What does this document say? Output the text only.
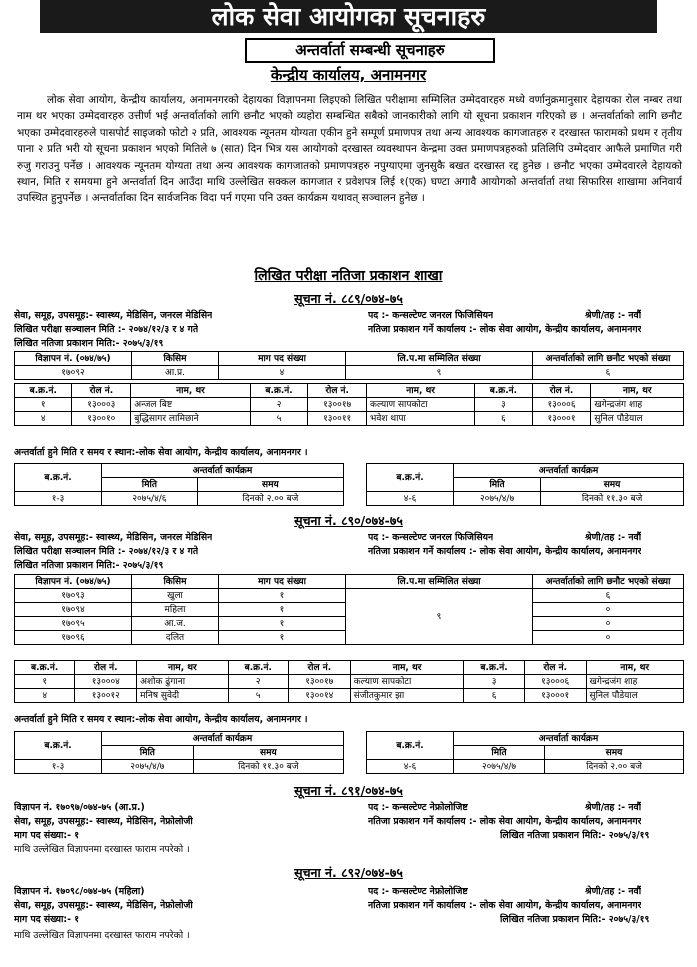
लोक सेवा आयोगका सूचनाहरु
अन्तर्वार्ता सम्बन्धी सूचनाहरु
केन्द्रीय कार्यालय, अनामनगर
लोक सेवा आयोग, केन्द्रीय कार्यालय, अनामनगरको देहायका विज्ञापनमा लिइएको लिखित परीक्षामा सम्मिलित उम्मेदवारहरु मध्ये वर्णानुक्रमानुसार देहायका रोल नम्बर तथा नाम थर भएका उम्मेदवारहरु उत्तीर्ण भई अन्तर्वार्ताको लागि छनौट भएको व्यहोरा सम्बन्धित सबैको जानकारीको लागि यो सूचना प्रकाशन गरिएको छ । अन्तर्वार्ताको लागि छनौट भएका उम्मेदवारहरुले पासपोर्ट साइजको फोटो २ प्रति, आवश्यक न्यूनतम योग्यता एकीन हुने सम्पूर्ण प्रमाणपत्र तथा अन्य आवश्यक कागजातहरु र दरखास्त फारामको प्रथम र तृतीय पाना २ प्रति भरी यो सूचना प्रकाशन भएको मितिले ७ (सात) दिन भित्र यस आयोगको दरखास्त व्यवस्थापन केन्द्रमा उक्त प्रमाणपत्रहरुको प्रतिलिपि उम्मेदवार आफैले प्रमाणित गरी रुजु गराउनु पर्नेछ । आवश्यक न्यूनतम योग्यता तथा अन्य आवश्यक कागजातको प्रमाणपत्रहरु नपुग्याएमा जुनसुकै बखत दरखास्त रद्द हुनेछ । छनौट भएका उम्मेदवारले देहायको स्थान, मिति र समयमा हुने अन्तर्वार्ता दिन आउँदा माथि उल्लेखित सक्कल कागजात र प्रवेशपत्र लिई १(एक) घण्टा अगावै आयोगको अन्तर्वार्ता तथा सिफारिस शाखामा अनिवार्य उपस्थित हुनुपर्नेछ । अन्तर्वार्ताका दिन सार्वजनिक विदा पर्न गएमा पनि उक्त कार्यक्रम यथावत् सञ्चालन हुनेछ ।
लिखित परीक्षा नतिजा प्रकाशन शाखा
सूचना नं. ८८९/०७४-७५
सेवा, समूह, उपसमूह:- स्वास्थ्य, मेडिसिन, जनरल मेडिसिन	पद :- कन्सल्टेण्ट जनरल फिजिसियन	श्रेणी/तह :- नवौं
लिखित परीक्षा सञ्चालन मिति :- २०७४/१२/३ र ४ गते	नतिजा प्रकाशन गर्ने कार्यालय :- लोक सेवा आयोग, केन्द्रीय कार्यालय, अनामनगर
लिखित नतिजा प्रकाशन मिति:- २०७५/३/१९
विज्ञापन नं. (०७४/७५)	किसिम	माग पद संख्या	लि.प.मा सम्मिलित संख्या	अन्तर्वार्ताको लागि छनौट भएको संख्या
१७०९२	आ.प्र.	४	९	६
ब.क्र.नं.	रोल नं.	नाम, थर	ब.क्र.नं.	रोल नं.	नाम, थर	ब.क्र.नं.	रोल नं.	नाम, थर
१	१३०००३	अन्जल बिष्ट	२	१३००१७	कल्याण सापकोटा	३	१३०००६	खगेन्द्रजंग शाह
४	१३००१०	बुद्धिसागर लामिछाने	५	१३००११	भवेश थापा	६	१३०००१	सुनिल पौडेयाल
अन्तर्वार्ता हुने मिति र समय र स्थान:-लोक सेवा आयोग, केन्द्रीय कार्यालय, अनामनगर ।
ब.क्र.नं.	अन्तर्वार्ता कार्यक्रम	
	मिति	समय
१-३	२०७५/४/६	दिनको २.०० बजे
ब.क्र.नं.	अन्तर्वार्ता कार्यक्रम	
	मिति	समय
४-६	२०७५/४/७	दिनको ११.३० बजे
सूचना नं. ८९०/०७४-७५
सेवा, समूह, उपसमूह:- स्वास्थ्य, मेडिसिन, जनरल मेडिसिन	पद :- कन्सल्टेण्ट जनरल फिजिसियन	श्रेणी/तह :- नवौं
लिखित परीक्षा सञ्चालन मिति :- २०७४/१२/३ र ४ गते	नतिजा प्रकाशन गर्ने कार्यालय :- लोक सेवा आयोग, केन्द्रीय कार्यालय, अनामनगर
लिखित नतिजा प्रकाशन मिति:- २०७५/३/१९
विज्ञापन नं. (०७४/७५)	किसिम	माग पद संख्या	लि.प.मा सम्मिलित संख्या	अन्तर्वार्ताको लागि छनौट भएको संख्या
१७०९३	खुला	१	९	६
१७०९४	महिला	१		०
१७०९५	आ.ज.	१		०
१७०९६	दलित	१		०
ब.क्र.नं.	रोल नं.	नाम, थर	ब.क्र.नं.	रोल नं.	नाम, थर	ब.क्र.नं.	रोल नं.	नाम, थर
१	१३०००४	अशोक ढुंगाना	२	१३००१७	कल्याण सापकोटा	३	१३०००६	खगेन्द्रजंग शाह
४	१३००१२	मनिष सुवेदी	५	१३००१४	संजीतकुमार झा	६	१३०००१	सुनिल पौडेयाल
अन्तर्वार्ता हुने मिति र समय र स्थान:-लोक सेवा आयोग, केन्द्रीय कार्यालय, अनामनगर ।
ब.क्र.नं.	अन्तर्वार्ता कार्यक्रम	
	मिति	समय
१-३	२०७५/४/७	दिनको ११.३० बजे
ब.क्र.नं.	अन्तर्वार्ता कार्यक्रम	
	मिति	समय
४-६	२०७५/४/७	दिनको २.०० बजे
सूचना नं. ८९१/०७४-७५
विज्ञापन नं. १७०९७/०७४-७५ (आ.प्र.)	पद :- कन्सल्टेण्ट नेफ्रोलोजिष्ट	श्रेणी/तह :- नवौं
सेवा, समूह, उपसमूह:- स्वास्थ्य, मेडिसिन, नेफ्रोलोजी	नतिजा प्रकाशन गर्ने कार्यालय :- लोक सेवा आयोग, केन्द्रीय कार्यालय, अनामनगर
माग पद संख्या:- १	लिखित नतिजा प्रकाशन मिति:- २०७५/३/१९
माथि उल्लेखित विज्ञापनमा दरखास्त फाराम नपरेको ।
सूचना नं. ८९२/०७४-७५
विज्ञापन नं. १७०९८/०७४-७५ (महिला)	पद :- कन्सल्टेण्ट नेफ्रोलोजिष्ट	श्रेणी/तह :- नवौं
सेवा, समूह, उपसमूह:- स्वास्थ्य, मेडिसिन, नेफ्रोलोजी	नतिजा प्रकाशन गर्ने कार्यालय :- लोक सेवा आयोग, केन्द्रीय कार्यालय, अनामनगर
माग पद संख्या:- १	लिखित नतिजा प्रकाशन मिति:- २०७५/३/१९
माथि उल्लेखित विज्ञापनमा दरखास्त फाराम नपरेको ।
